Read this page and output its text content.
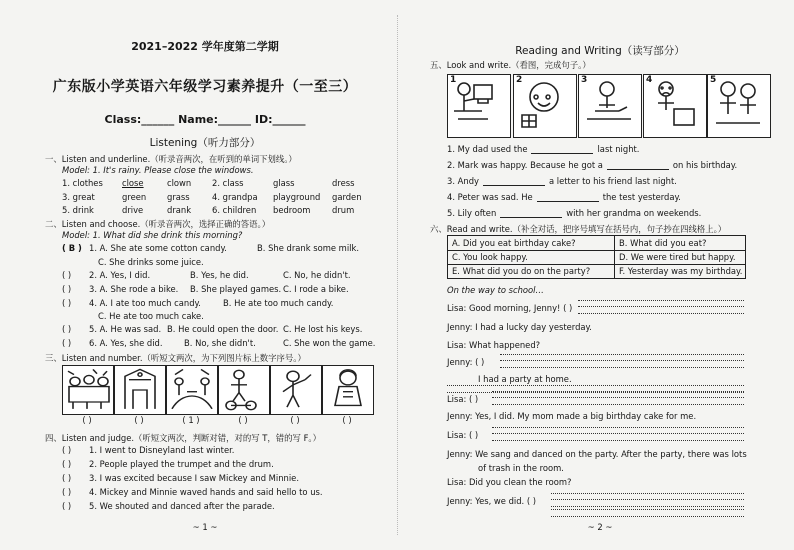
2021–2022 学年度第二学期
广东版小学英语六年级学习素养提升（一至三）
Class:______ Name:______ ID:______
Listening（听力部分）
一、Listen and underline.（听录音两次，在听到的单词下划线。）
Model: 1. It's rainy. Please close the windows.
1. clothes close	clown 2. class	glass	dress
3. great	green grass	4. grandpa playground garden
5. drink	drive	drank 6. children bedroom	drum
二、Listen and choose.（听录音两次，选择正确的答语。）
Model: 1. What did she drink this morning?
( B ) 1. A. She ate some cotton candy.	B. She drank some milk.
C. She drinks some juice.
( ) 2. A. Yes, I did.	B. Yes, he did.	C. No, he didn't.
( ) 3. A. She rode a bike. B. She played games. C. I rode a bike.
( ) 4. A. I ate too much candy.	B. He ate too much candy.
C. He ate too much cake.
( ) 5. A. He was sad. B. He could open the door. C. He lost his keys.
( ) 6. A. Yes, she did.	B. No, she didn't.	C. She won the game.
三、Listen and number.（听短文两次，为下列图片标上数字序号。）
( )	( )	( 1 )	( )	( )	( )
四、Listen and judge.（听短文两次，判断对错，对的写 T，错的写 F。）
( ) 1. I went to Disneyland last winter.
( ) 2. People played the trumpet and the drum.
( ) 3. I was excited because I saw Mickey and Minnie.
( ) 4. Mickey and Minnie waved hands and said hello to us.
( ) 5. We shouted and danced after the parade.
~ 1 ~
Reading and Writing（读写部分）
五、Look and write.（看图，完成句子。）
1	2	3	4	5
1. My dad used the	last night.
2. Mark was happy. Because he got a	on his birthday.
3. Andy	a letter to his friend last night.
4. Peter was sad. He	the test yesterday.
5. Lily often	with her grandma on weekends.
六、Read and write.（补全对话，把序号填写在括号内，句子抄在四线格上。）
A. Did you eat birthday cake?	B. What did you eat?
C. You look happy.	D. We were tired but happy.
E. What did you do on the party?	F. Yesterday was my birthday.
On the way to school…
Lisa: Good morning, Jenny! ( )
Jenny: I had a lucky day yesterday.
Lisa: What happened?
Jenny: ( )
I had a party at home.
Lisa: ( )
Jenny: Yes, I did. My mom made a big birthday cake for me.
Lisa: ( )
Jenny: We sang and danced on the party. After the party, there was lots
of trash in the room.
Lisa: Did you clean the room?
Jenny: Yes, we did. ( )
~ 2 ~
